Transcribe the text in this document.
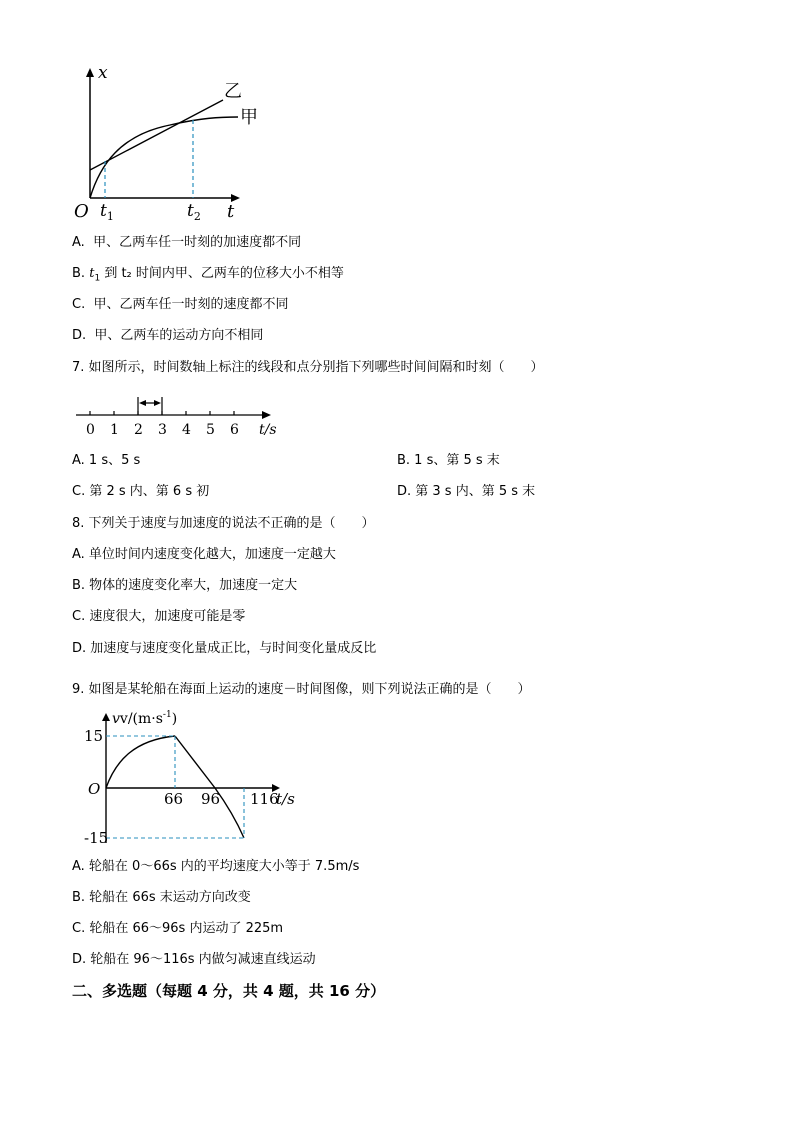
x
O $t_1$	$t_2$ t
乙
甲
A. 甲、乙两车任一时刻的加速度都不同
B. $t_1$ 到 t₂ 时间内甲、乙两车的位移大小不相等
C. 甲、乙两车任一时刻的速度都不同
D. 甲、乙两车的运动方向不相同
7. 如图所示，时间数轴上标注的线段和点分别指下列哪些时间间隔和时刻（　　）
0 1 2 3 4 5 6 t/s
A. 1 s、5 s	B. 1 s、第 5 s 末
C. 第 2 s 内、第 6 s 初	D. 第 3 s 内、第 5 s 末
8. 下列关于速度与加速度的说法不正确的是（　　）
A. 单位时间内速度变化越大，加速度一定越大
B. 物体的速度变化率大，加速度一定大
C. 速度很大，加速度可能是零
D. 加速度与速度变化量成正比，与时间变化量成反比
9. 如图是某轮船在海面上运动的速度－时间图像，则下列说法正确的是（　　）
$vv/(m\cdot s^{-1})$
15
O
66 96 116
t/s
-15
A. 轮船在 0～66s 内的平均速度大小等于 7.5m/s
B. 轮船在 66s 末运动方向改变
C. 轮船在 66～96s 内运动了 225m
D. 轮船在 96～116s 内做匀减速直线运动
二、多选题（每题 4 分，共 4 题，共 16 分）
